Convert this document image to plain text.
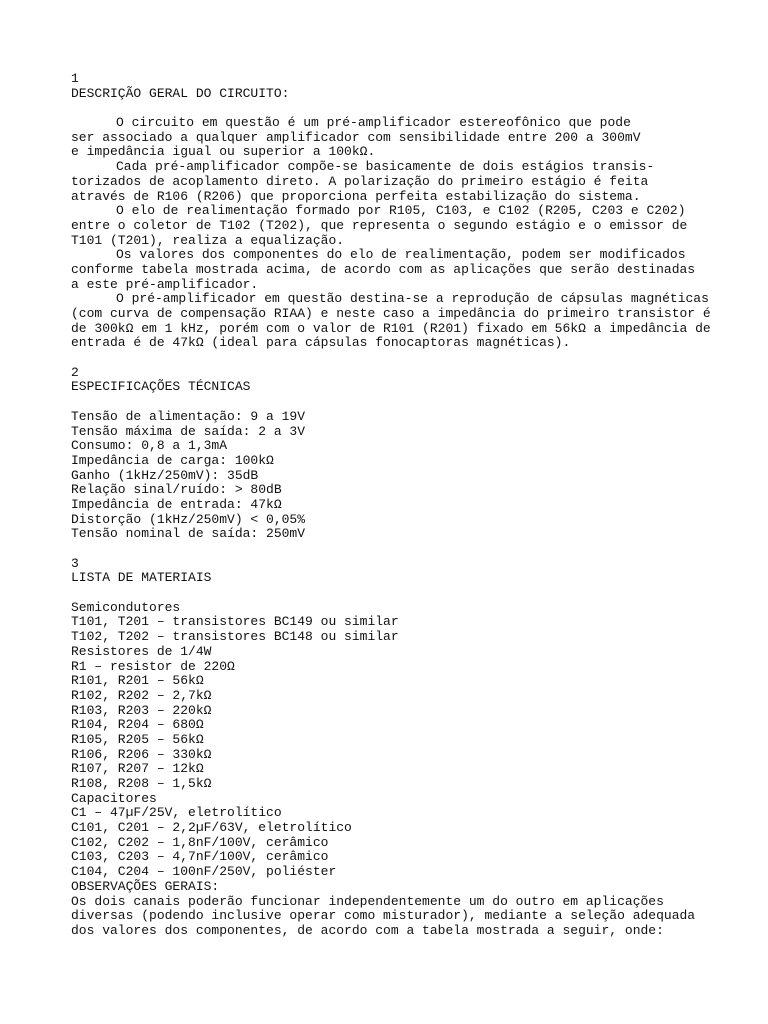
1
DESCRIÇÃO GERAL DO CIRCUITO:
O circuito em questão é um pré-amplificador estereofônico que pode
ser associado a qualquer amplificador com sensibilidade entre 200 a 300mV
e impedância igual ou superior a 100kΩ.
Cada pré-amplificador compõe-se basicamente de dois estágios transis-
torizados de acoplamento direto. A polarização do primeiro estágio é feita
através de R106 (R206) que proporciona perfeita estabilização do sistema.
O elo de realimentação formado por R105, C103, e C102 (R205, C203 e C202)
entre o coletor de T102 (T202), que representa o segundo estágio e o emissor de
T101 (T201), realiza a equalização.
Os valores dos componentes do elo de realimentação, podem ser modificados
conforme tabela mostrada acima, de acordo com as aplicações que serão destinadas
a este pré-amplificador.
O pré-amplificador em questão destina-se a reprodução de cápsulas magnéticas
(com curva de compensação RIAA) e neste caso a impedância do primeiro transistor é
de 300kΩ em 1 kHz, porém com o valor de R101 (R201) fixado em 56kΩ a impedância de
entrada é de 47kΩ (ideal para cápsulas fonocaptoras magnéticas).
2
ESPECIFICAÇÕES TÉCNICAS
Tensão de alimentação: 9 a 19V
Tensão máxima de saída: 2 a 3V
Consumo: 0,8 a 1,3mA
Impedância de carga: 100kΩ
Ganho (1kHz/250mV): 35dB
Relação sinal/ruído: > 80dB
Impedância de entrada: 47kΩ
Distorção (1kHz/250mV) < 0,05%
Tensão nominal de saída: 250mV
3
LISTA DE MATERIAIS
Semicondutores
T101, T201 – transistores BC149 ou similar
T102, T202 – transistores BC148 ou similar
Resistores de 1/4W
R1 – resistor de 220Ω
R101, R201 – 56kΩ
R102, R202 – 2,7kΩ
R103, R203 – 220kΩ
R104, R204 – 680Ω
R105, R205 – 56kΩ
R106, R206 – 330kΩ
R107, R207 – 12kΩ
R108, R208 – 1,5kΩ
Capacitores
C1 – 47µF/25V, eletrolítico
C101, C201 – 2,2µF/63V, eletrolítico
C102, C202 – 1,8nF/100V, cerâmico
C103, C203 – 4,7nF/100V, cerâmico
C104, C204 – 100nF/250V, poliéster
OBSERVAÇÕES GERAIS:
Os dois canais poderão funcionar independentemente um do outro em aplicações
diversas (podendo inclusive operar como misturador), mediante a seleção adequada
dos valores dos componentes, de acordo com a tabela mostrada a seguir, onde:
